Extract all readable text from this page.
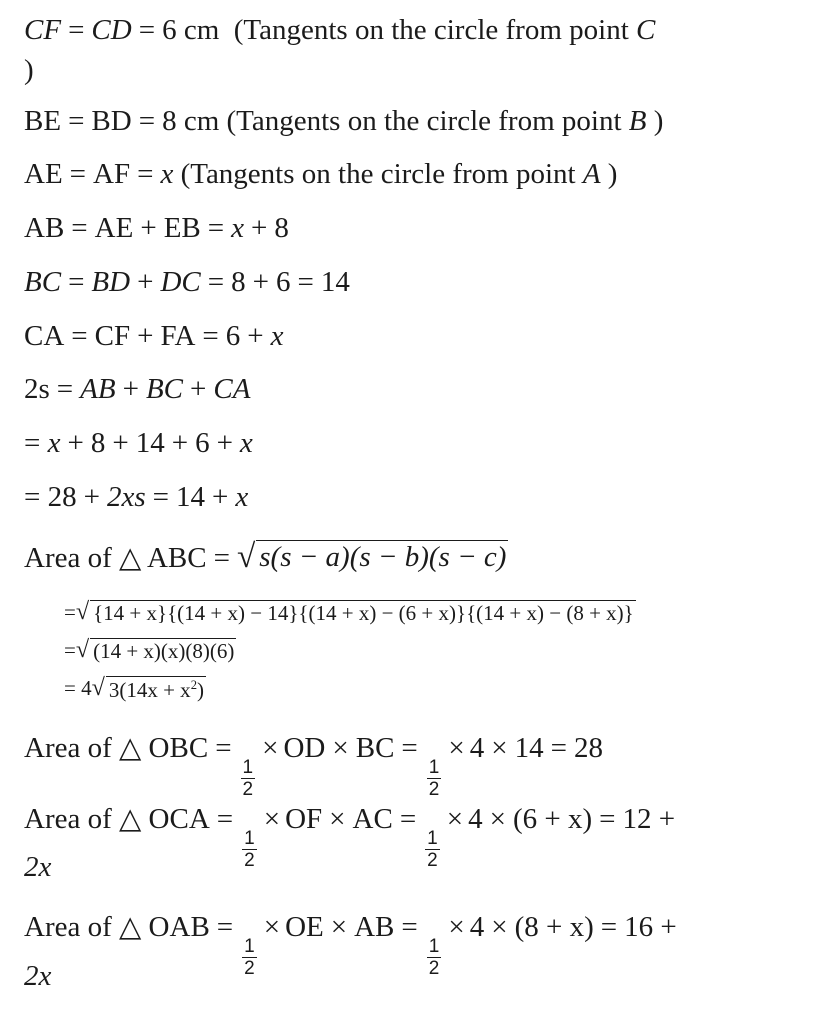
CF = CD = 6 cm (Tangents on the circle from point C
)
BE = BD = 8 cm (Tangents on the circle from point B )
AE = AF = x (Tangents on the circle from point A )
AB = AE + EB = x + 8
BC = BD + DC = 8 + 6 = 14
CA = CF + FA = 6 + x
2s = AB + BC + CA
= x + 8 + 14 + 6 + x
= 28 + 2xs = 14 + x
Area of △ ABC = √ s(s − a)(s − b)(s − c)
= √ {14 + x}{(14 + x) − 14}{(14 + x) − (6 + x)}{(14 + x) − (8 + x)}
= √ (14 + x)(x)(8)(6)
= 4 √ $3(14x + x^2)$
Area of △ OBC =
$\frac{1}{2}$
× OD × BC =
$\frac{1}{2}$
× 4 × 14 = 28
Area of △ OCA =
$\frac{1}{2}$
× OF × AC =
$\frac{1}{2}$
× 4 × (6 + x) = 12 +
2x
Area of △ OAB =
$\frac{1}{2}$
× OE × AB =
$\frac{1}{2}$
× 4 × (8 + x) = 16 +
2x
